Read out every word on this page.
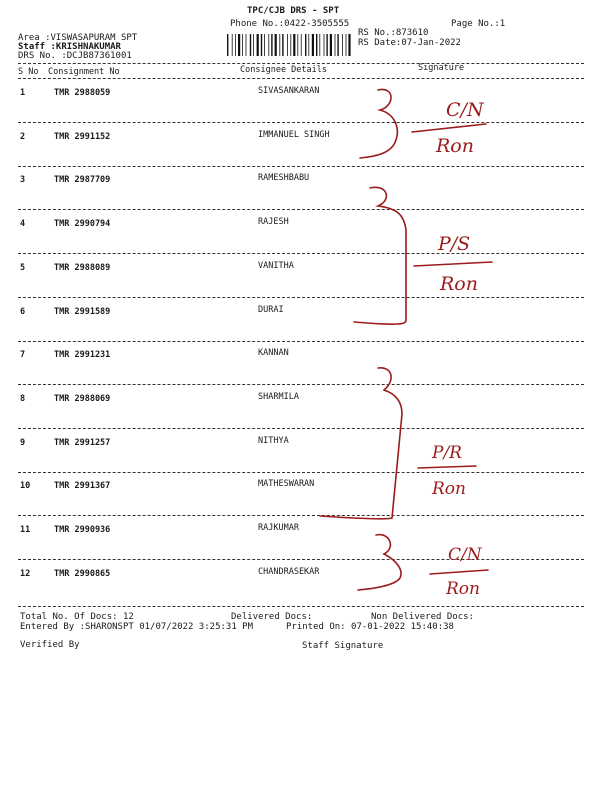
TPC/CJB DRS - SPT
Phone No.:0422-3505555	Page No.:1
Area :VISWASAPURAM SPT
Staff :KRISHNAKUMAR
DRS No. :DCJB87361001
RS No.:873610
RS Date:07-Jan-2022
S No Consignment No	Consignee Details	Signature
1	TMR 2988059	SIVASANKARAN
2	TMR 2991152	IMMANUEL SINGH
3	TMR 2987709	RAMESHBABU
4	TMR 2990794	RAJESH
5	TMR 2988089	VANITHA
6	TMR 2991589	DURAI
7	TMR 2991231	KANNAN
8	TMR 2988069	SHARMILA
9	TMR 2991257	NITHYA
10	TMR 2991367	MATHESWARAN
11	TMR 2990936	RAJKUMAR
12	TMR 2990865	CHANDRASEKAR
Total No. Of Docs: 12	Delivered Docs:	Non Delivered Docs:
Entered By :SHARONSPT 01/07/2022 3:25:31 PM	Printed On: 07-01-2022 15:40:38
Verified By	Staff Signature
C/N
Ron
P/S
Ron
P/R
Ron
C/N
Ron
